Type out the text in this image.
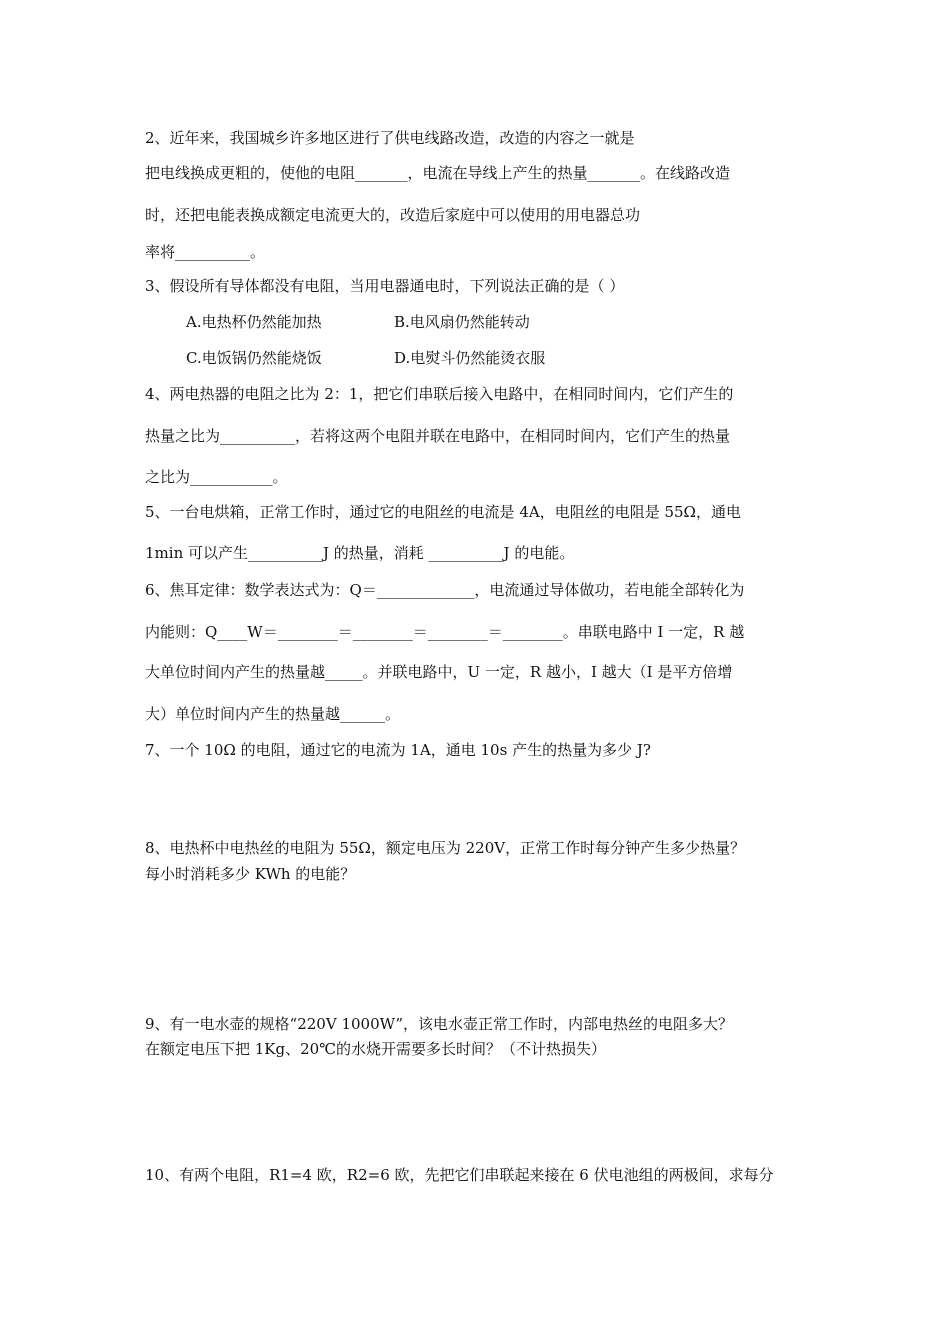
2、近年来，我国城乡许多地区进行了供电线路改造，改造的内容之一就是
把电线换成更粗的，使他的电阻_______，电流在导线上产生的热量_______。在线路改造
时，还把电能表换成额定电流更大的，改造后家庭中可以使用的用电器总功
率将__________。
3、假设所有导体都没有电阻，当用电器通电时，下列说法正确的是（ ）
A.电热杯仍然能加热	B.电风扇仍然能转动
C.电饭锅仍然能烧饭	D.电熨斗仍然能烫衣服
4、两电热器的电阻之比为 2：1，把它们串联后接入电路中，在相同时间内，它们产生的
热量之比为__________，若将这两个电阻并联在电路中，在相同时间内，它们产生的热量
之比为___________。
5、一台电烘箱，正常工作时，通过它的电阻丝的电流是 4A，电阻丝的电阻是 55Ω，通电
1min 可以产生__________J 的热量，消耗 __________J 的电能。
6、焦耳定律：数学表达式为：Q＝_____________，电流通过导体做功，若电能全部转化为
内能则：Q____W＝________＝________＝________＝________。串联电路中 I 一定，R 越
大单位时间内产生的热量越_____。并联电路中，U 一定，R 越小，I 越大（I 是平方倍增
大）单位时间内产生的热量越______。
7、一个 10Ω 的电阻，通过它的电流为 1A，通电 10s 产生的热量为多少 J?
8、电热杯中电热丝的电阻为 55Ω，额定电压为 220V，正常工作时每分钟产生多少热量？
每小时消耗多少 KWh 的电能？
9、有一电水壶的规格“220V 1000W”，该电水壶正常工作时，内部电热丝的电阻多大？
在额定电压下把 1Kg、20℃的水烧开需要多长时间？（不计热损失）
10、有两个电阻，R1=4 欧，R2=6 欧，先把它们串联起来接在 6 伏电池组的两极间，求每分
